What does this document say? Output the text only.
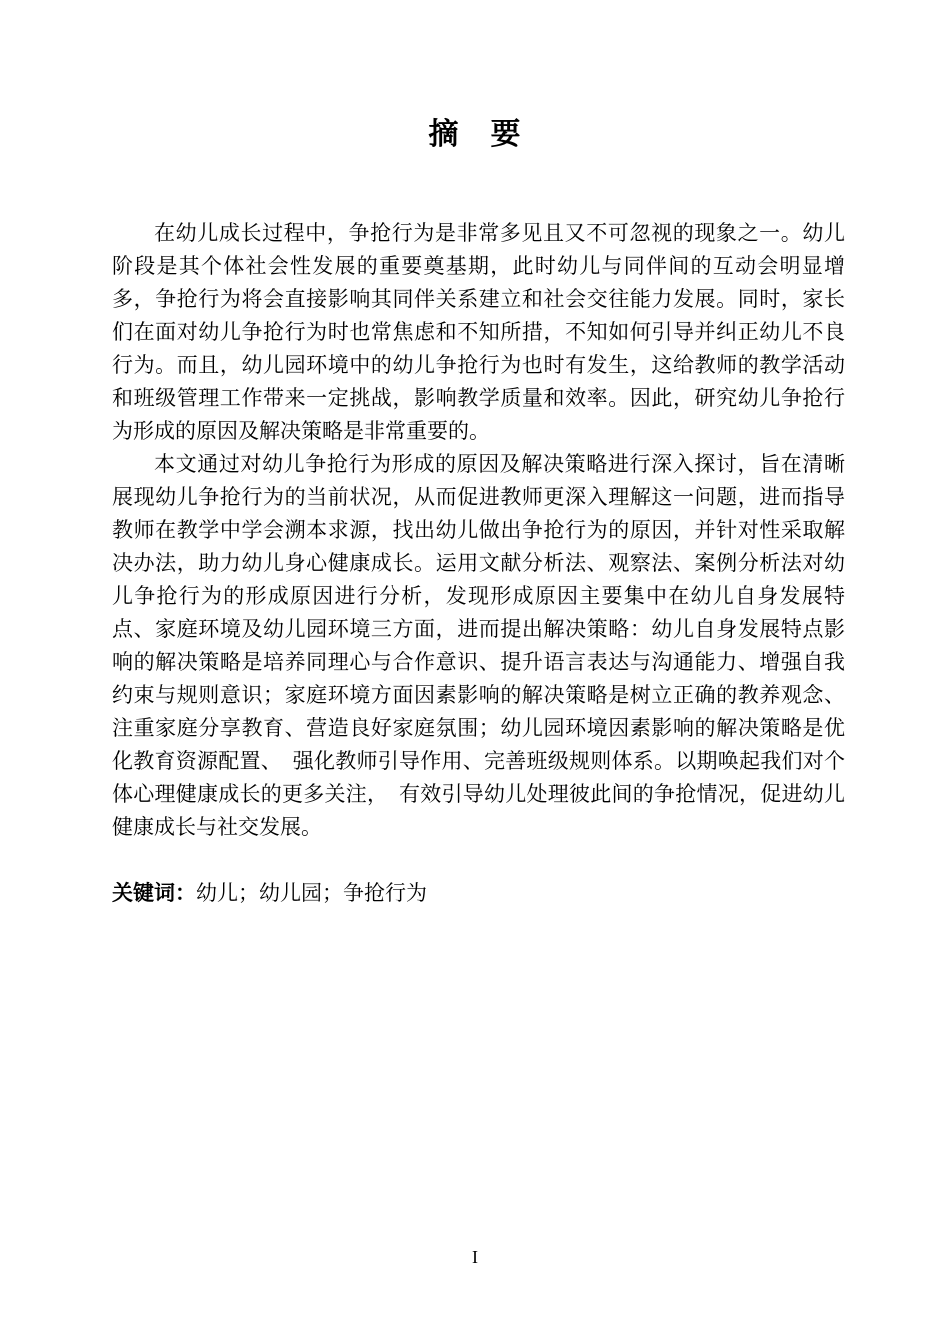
摘　要

在幼儿成长过程中，争抢行为是非常多见且又不可忽视的现象之一。幼儿阶段是其个体社会性发展的重要奠基期，此时幼儿与同伴间的互动会明显增多，争抢行为将会直接影响其同伴关系建立和社会交往能力发展。同时，家长们在面对幼儿争抢行为时也常焦虑和不知所措，不知如何引导并纠正幼儿不良行为。而且，幼儿园环境中的幼儿争抢行为也时有发生，这给教师的教学活动和班级管理工作带来一定挑战，影响教学质量和效率。因此，研究幼儿争抢行为形成的原因及解决策略是非常重要的。

本文通过对幼儿争抢行为形成的原因及解决策略进行深入探讨，旨在清晰展现幼儿争抢行为的当前状况，从而促进教师更深入理解这一问题，进而指导教师在教学中学会溯本求源，找出幼儿做出争抢行为的原因，并针对性采取解决办法，助力幼儿身心健康成长。运用文献分析法、观察法、案例分析法对幼儿争抢行为的形成原因进行分析，发现形成原因主要集中在幼儿自身发展特点、家庭环境及幼儿园环境三方面，进而提出解决策略：幼儿自身发展特点影响的解决策略是培养同理心与合作意识、提升语言表达与沟通能力、增强自我约束与规则意识；家庭环境方面因素影响的解决策略是树立正确的教养观念、注重家庭分享教育、营造良好家庭氛围；幼儿园环境因素影响的解决策略是优化教育资源配置、　强化教师引导作用、完善班级规则体系。以期唤起我们对个体心理健康成长的更多关注，　有效引导幼儿处理彼此间的争抢情况，促进幼儿健康成长与社交发展。

关键词：幼儿；幼儿园；争抢行为

I
